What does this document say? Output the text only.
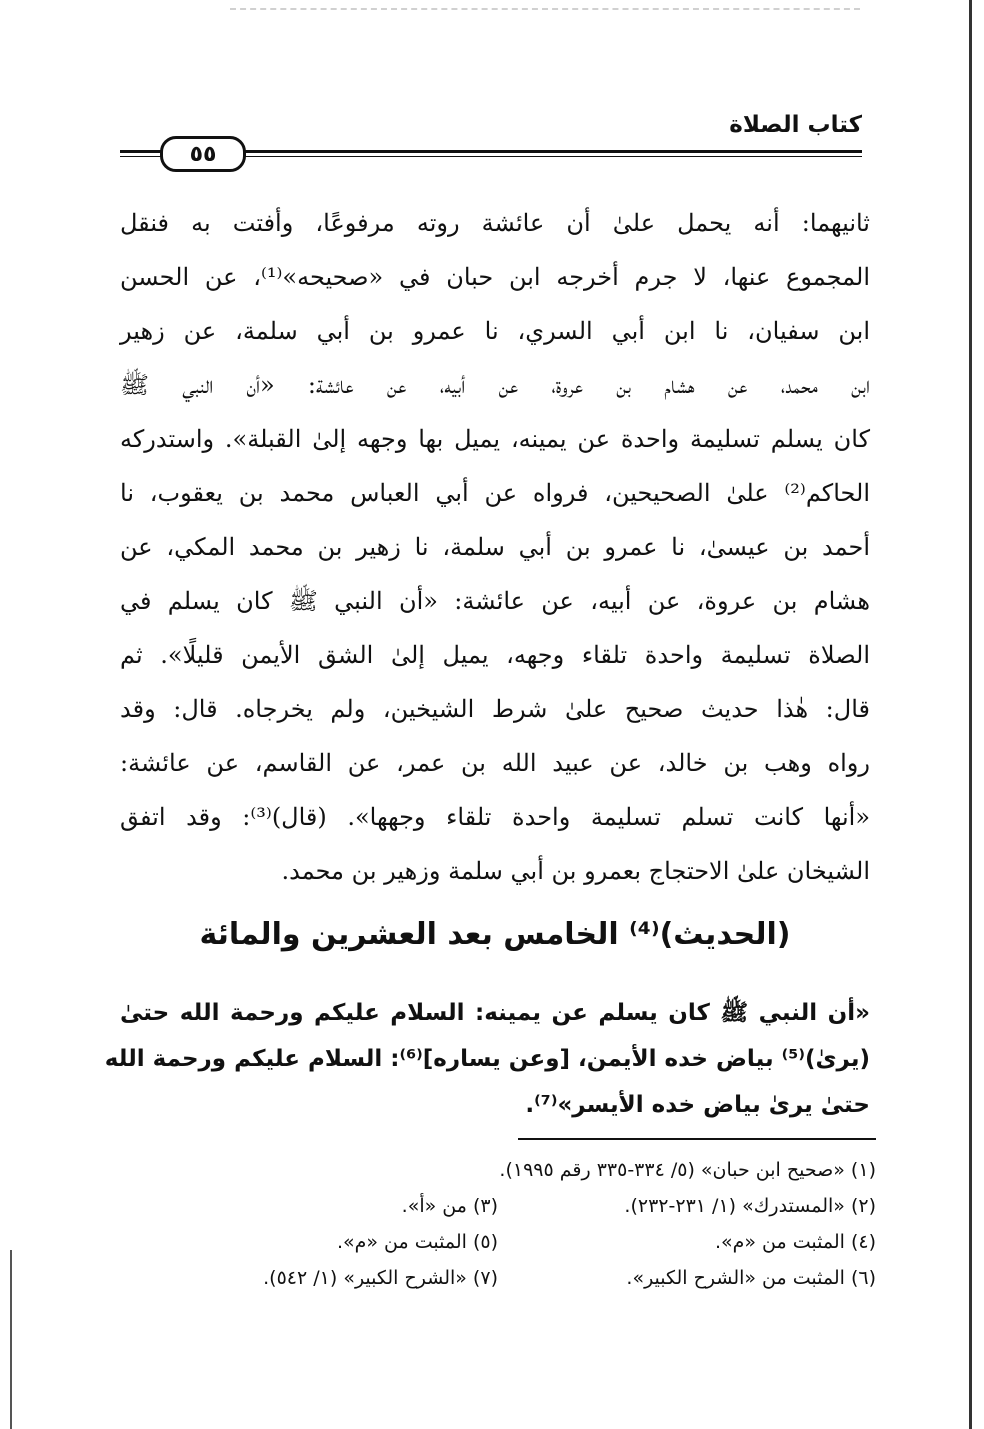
كتاب الصلاة
٥٥
ثانيهما: أنه يحمل علىٰ أن عائشة روته مرفوعًا، وأفتت به فنقل
المجموع عنها، لا جرم أخرجه ابن حبان في «صحيحه»⁽¹⁾، عن الحسن
ابن سفيان، نا ابن أبي السري، نا عمرو بن أبي سلمة، عن زهير
ابن محمد، عن هشام بن عروة، عن أبيه، عن عائشة: «أن النبي ﷺ
كان يسلم تسليمة واحدة عن يمينه، يميل بها وجهه إلىٰ القبلة». واستدركه
الحاكم⁽²⁾ علىٰ الصحيحين، فرواه عن أبي العباس محمد بن يعقوب، نا
أحمد بن عيسىٰ، نا عمرو بن أبي سلمة، نا زهير بن محمد المكي، عن
هشام بن عروة، عن أبيه، عن عائشة: «أن النبي ﷺ كان يسلم في
الصلاة تسليمة واحدة تلقاء وجهه، يميل إلىٰ الشق الأيمن قليلًا». ثم
قال: هٰذا حديث صحيح علىٰ شرط الشيخين، ولم يخرجاه. قال: وقد
رواه وهب بن خالد، عن عبيد الله بن عمر، عن القاسم، عن عائشة:
«أنها كانت تسلم تسليمة واحدة تلقاء وجهها». (قال)⁽³⁾: وقد اتفق
الشيخان علىٰ الاحتجاج بعمرو بن أبي سلمة وزهير بن محمد.
(الحديث)⁽⁴⁾ الخامس بعد العشرين والمائة
«أن النبي ﷺ كان يسلم عن يمينه: السلام عليكم ورحمة الله حتىٰ
(يرىٰ)⁽⁵⁾ بياض خده الأيمن، [وعن يساره]⁽⁶⁾: السلام عليكم ورحمة الله
حتىٰ يرىٰ بياض خده الأيسر»⁽⁷⁾.
(١) «صحيح ابن حبان» (٥/ ٣٣٤-٣٣٥ رقم ١٩٩٥).
(٢) «المستدرك» (١/ ٢٣١-٢٣٢).
(٣) من «أ».
(٤) المثبت من «م».
(٥) المثبت من «م».
(٦) المثبت من «الشرح الكبير».
(٧) «الشرح الكبير» (١/ ٥٤٢).
